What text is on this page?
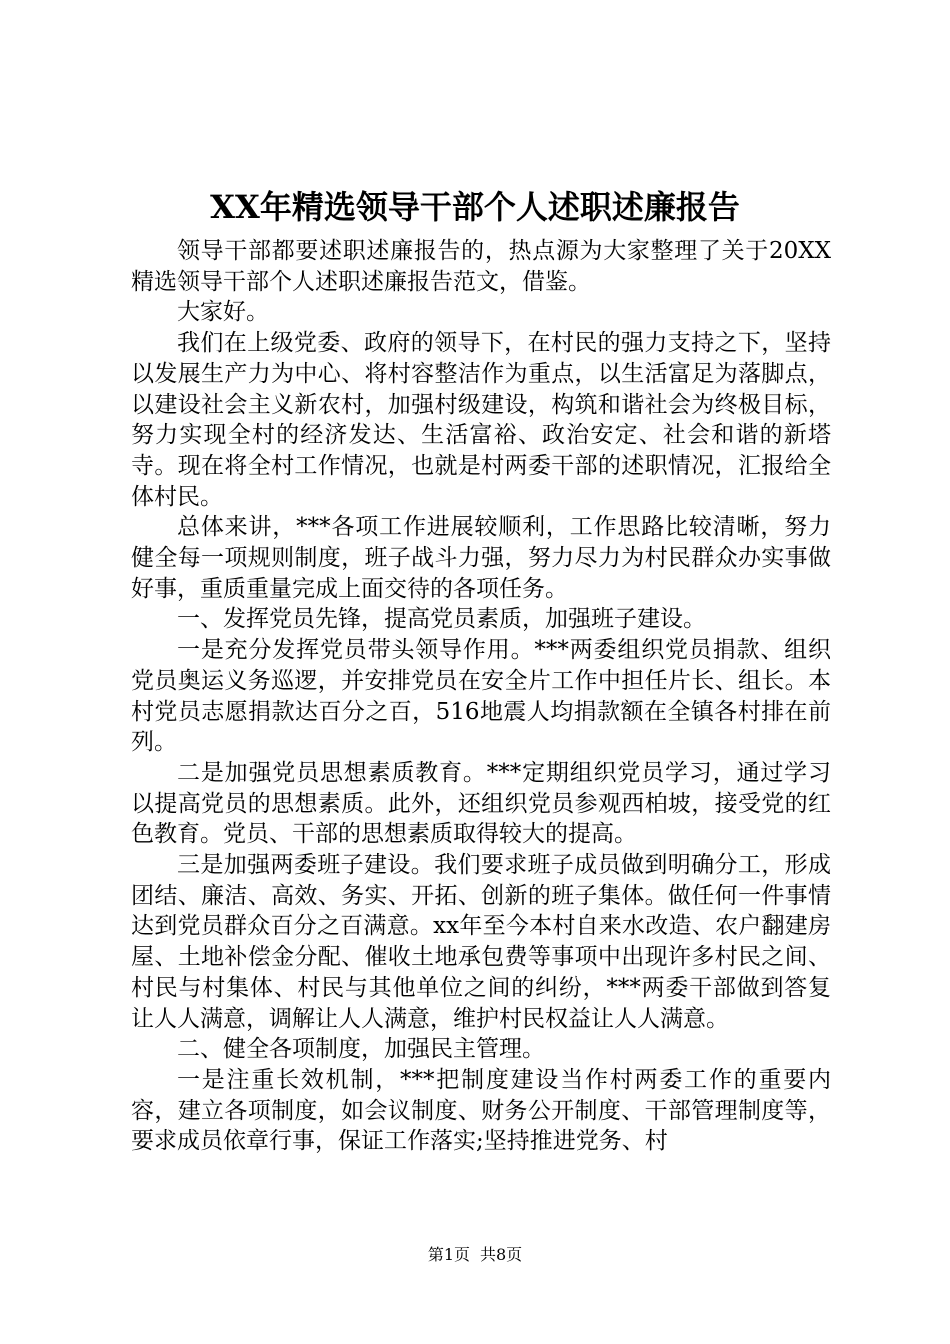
XX年精选领导干部个人述职述廉报告

领导干部都要述职述廉报告的，热点源为大家整理了关于20XX精选领导干部个人述职述廉报告范文，借鉴。

大家好。

我们在上级党委、政府的领导下，在村民的强力支持之下，坚持以发展生产力为中心、将村容整洁作为重点，以生活富足为落脚点，以建设社会主义新农村，加强村级建设，构筑和谐社会为终极目标，努力实现全村的经济发达、生活富裕、政治安定、社会和谐的新塔寺。现在将全村工作情况，也就是村两委干部的述职情况，汇报给全体村民。

总体来讲，***各项工作进展较顺利，工作思路比较清晰，努力健全每一项规则制度，班子战斗力强，努力尽力为村民群众办实事做好事，重质重量完成上面交待的各项任务。

一、发挥党员先锋，提高党员素质，加强班子建设。

一是充分发挥党员带头领导作用。***两委组织党员捐款、组织党员奥运义务巡逻，并安排党员在安全片工作中担任片长、组长。本村党员志愿捐款达百分之百，516地震人均捐款额在全镇各村排在前列。

二是加强党员思想素质教育。***定期组织党员学习，通过学习以提高党员的思想素质。此外，还组织党员参观西柏坡，接受党的红色教育。党员、干部的思想素质取得较大的提高。

三是加强两委班子建设。我们要求班子成员做到明确分工，形成团结、廉洁、高效、务实、开拓、创新的班子集体。做任何一件事情达到党员群众百分之百满意。xx年至今本村自来水改造、农户翻建房屋、土地补偿金分配、催收土地承包费等事项中出现许多村民之间、村民与村集体、村民与其他单位之间的纠纷，***两委干部做到答复让人人满意，调解让人人满意，维护村民权益让人人满意。

二、健全各项制度，加强民主管理。

一是注重长效机制，***把制度建设当作村两委工作的重要内容，建立各项制度，如会议制度、财务公开制度、干部管理制度等，要求成员依章行事，保证工作落实;坚持推进党务、村

第1页 共8页
